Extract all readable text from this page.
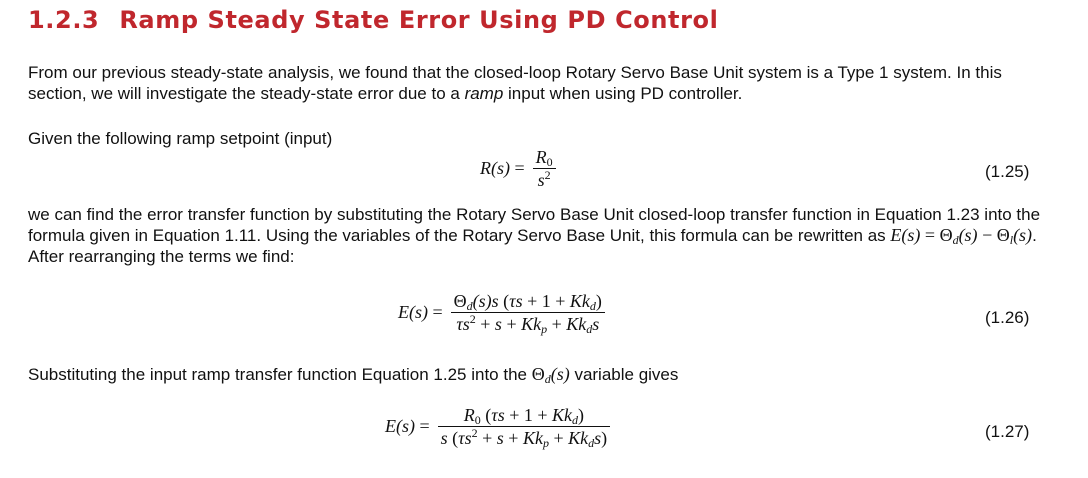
1.2.3 Ramp Steady State Error Using PD Control

From our previous steady-state analysis, we found that the closed-loop Rotary Servo Base Unit system is a Type 1 system. In this section, we will investigate the steady-state error due to a ramp input when using PD controller.

Given the following ramp setpoint (input)

$R(s) = \frac{R_0}{s^2}$	(1.25)

we can find the error transfer function by substituting the Rotary Servo Base Unit closed-loop transfer function in Equation 1.23 into the formula given in Equation 1.11. Using the variables of the Rotary Servo Base Unit, this formula can be rewritten as $E(s) = \Theta_d(s) - \Theta_l(s)$. After rearranging the terms we find:

$E(s) = \frac{\Theta_d(s)s (\tau s + 1 + Kk_d)}{\tau s^2 + s + Kk_p + Kk_ds}$	(1.26)

Substituting the input ramp transfer function Equation 1.25 into the $\Theta_d(s)$ variable gives

$E(s) = \frac{R_0 (\tau s + 1 + Kk_d)}{s (\tau s^2 + s + Kk_p + Kk_ds)}$	(1.27)
